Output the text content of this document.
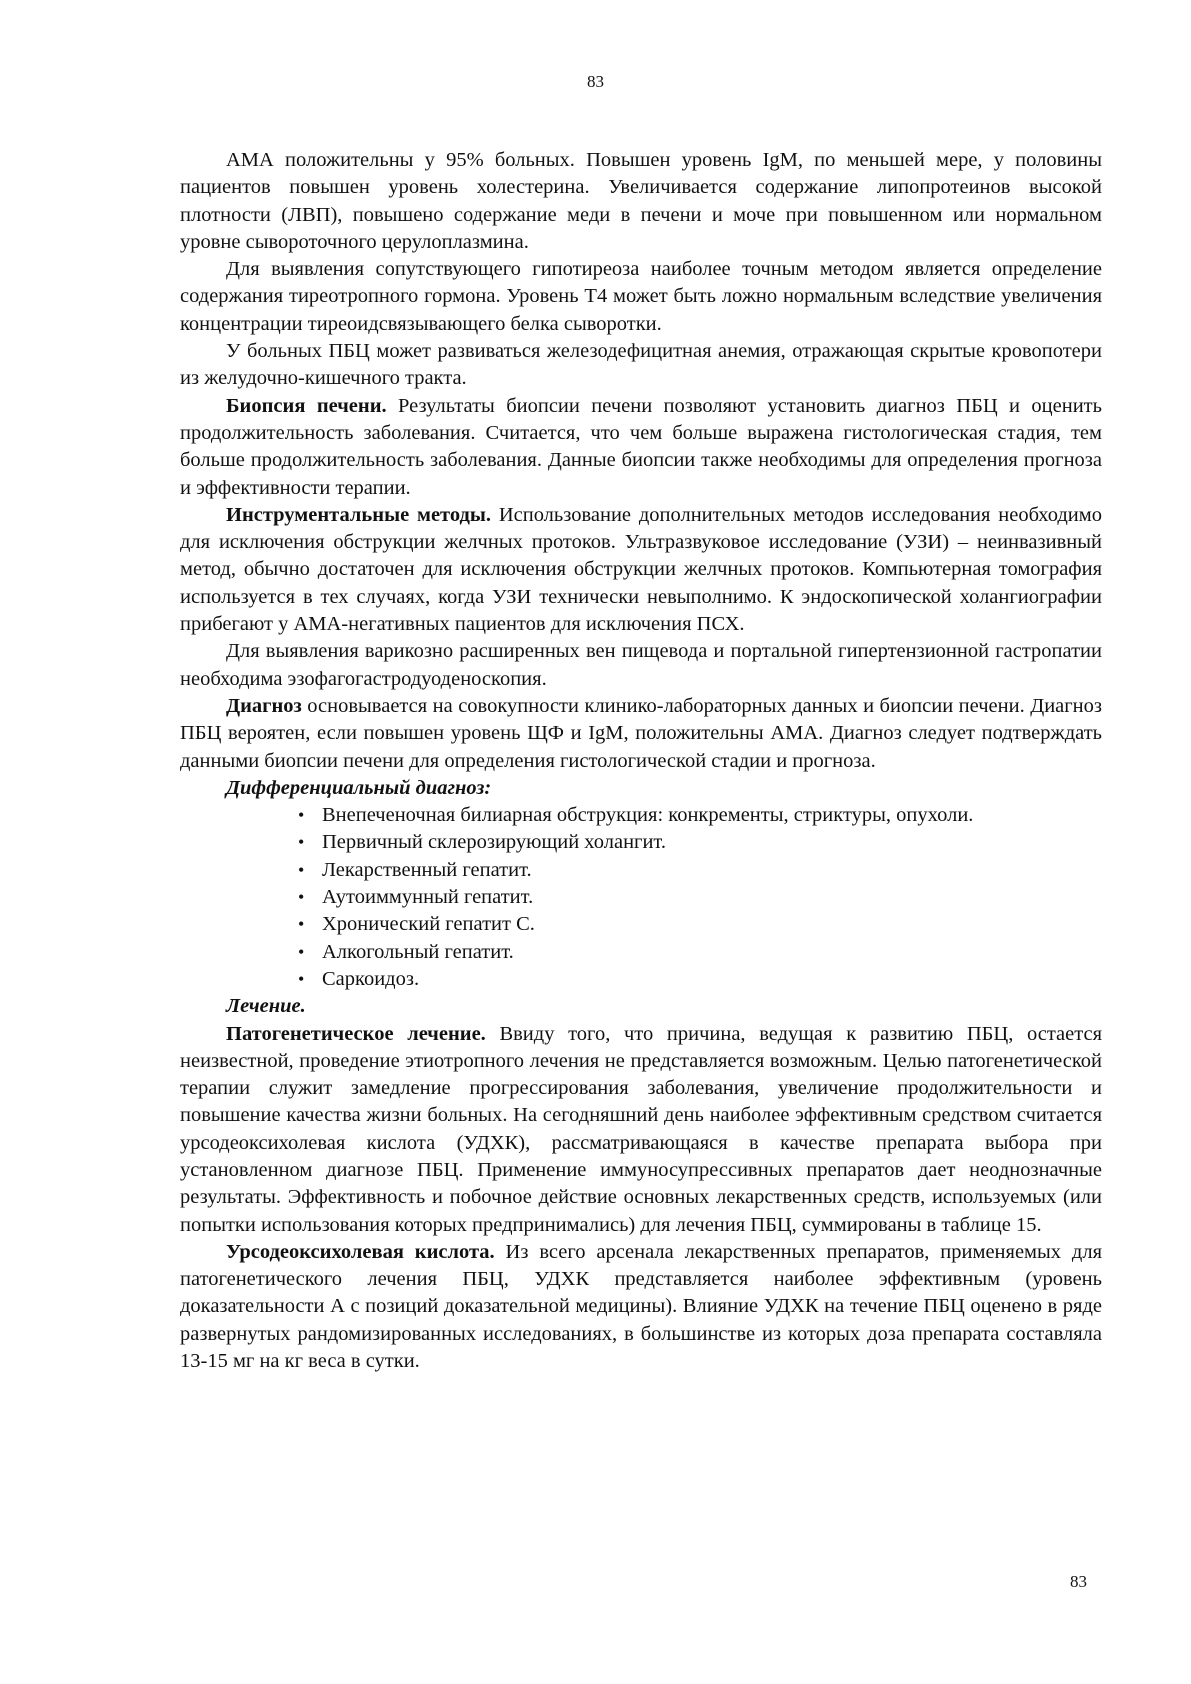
83

АМА положительны у 95% больных. Повышен уровень IgM, по меньшей мере, у половины пациентов повышен уровень холестерина. Увеличивается содержание липопротеинов высокой плотности (ЛВП), повышено содержание меди в печени и моче при повышенном или нормальном уровне сывороточного церулоплазмина.

Для выявления сопутствующего гипотиреоза наиболее точным методом является определение содержания тиреотропного гормона. Уровень Т4 может быть ложно нормальным вследствие увеличения концентрации тиреоидсвязывающего белка сыворотки.

У больных ПБЦ может развиваться железодефицитная анемия, отражающая скрытые кровопотери из желудочно-кишечного тракта.

Биопсия печени. Результаты биопсии печени позволяют установить диагноз ПБЦ и оценить продолжительность заболевания. Считается, что чем больше выражена гистологическая стадия, тем больше продолжительность заболевания. Данные биопсии также необходимы для определения прогноза и эффективности терапии.

Инструментальные методы. Использование дополнительных методов исследования необходимо для исключения обструкции желчных протоков. Ультразвуковое исследование (УЗИ) – неинвазивный метод, обычно достаточен для исключения обструкции желчных протоков. Компьютерная томография используется в тех случаях, когда УЗИ технически невыполнимо. К эндоскопической холангиографии прибегают у АМА-негативных пациентов для исключения ПСХ.

Для выявления варикозно расширенных вен пищевода и портальной гипертензионной гастропатии необходима эзофагогастродуоденоскопия.

Диагноз основывается на совокупности клинико-лабораторных данных и биопсии печени. Диагноз ПБЦ вероятен, если повышен уровень ЩФ и IgM, положительны АМА. Диагноз следует подтверждать данными биопсии печени для определения гистологической стадии и прогноза.

Дифференциальный диагноз:

• Внепеченочная билиарная обструкция: конкременты, стриктуры, опухоли.
• Первичный склерозирующий холангит.
• Лекарственный гепатит.
• Аутоиммунный гепатит.
• Хронический гепатит С.
• Алкогольный гепатит.
• Саркоидоз.

Лечение.

Патогенетическое лечение. Ввиду того, что причина, ведущая к развитию ПБЦ, остается неизвестной, проведение этиотропного лечения не представляется возможным. Целью патогенетической терапии служит замедление прогрессирования заболевания, увеличение продолжительности и повышение качества жизни больных. На сегодняшний день наиболее эффективным средством считается урсодеоксихолевая кислота (УДХК), рассматривающаяся в качестве препарата выбора при установленном диагнозе ПБЦ. Применение иммуносупрессивных препаратов дает неоднозначные результаты. Эффективность и побочное действие основных лекарственных средств, используемых (или попытки использования которых предпринимались) для лечения ПБЦ, суммированы в таблице 15.

Урсодеоксихолевая кислота. Из всего арсенала лекарственных препаратов, применяемых для патогенетического лечения ПБЦ, УДХК представляется наиболее эффективным (уровень доказательности А с позиций доказательной медицины). Влияние УДХК на течение ПБЦ оценено в ряде развернутых рандомизированных исследованиях, в большинстве из которых доза препарата составляла 13-15 мг на кг веса в сутки.

83
